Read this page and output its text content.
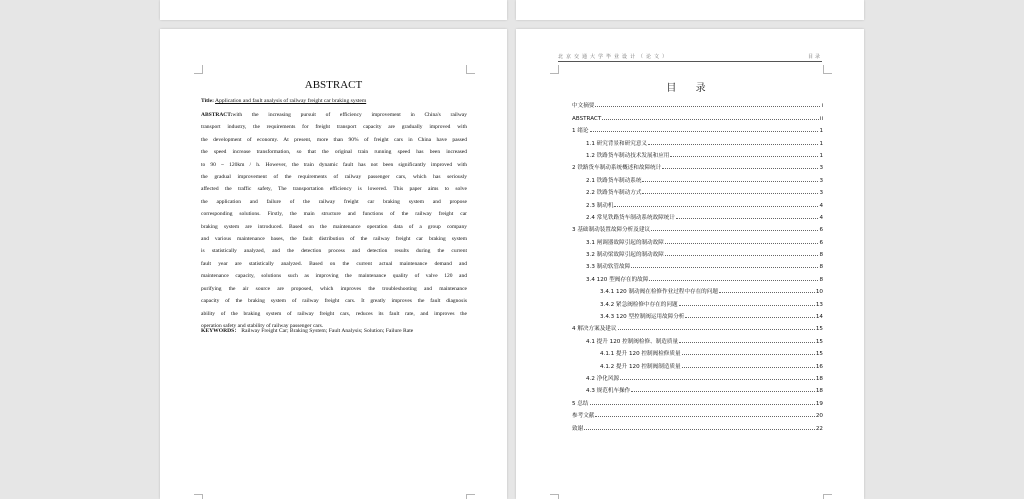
ABSTRACT
Title: Application and fault analysis of railway freight car braking system
ABSTRACT:with the increasing pursuit of efficiency improvement in China's railway
transport industry, the requirements for freight transport capacity are gradually improved with
the development of economy. At present, more than 90% of freight cars in China have passed
the speed increase transformation, so that the original train running speed has been increased
to 90 ~ 120km / h. However, the train dynamic fault has not been significantly improved with
the gradual improvement of the requirements of railway passenger cars, which has seriously
affected the traffic safety, The transportation efficiency is lowered. This paper aims to solve
the application and failure of the railway freight car braking system and propose
corresponding solutions. Firstly, the main structure and functions of the railway freight car
braking system are introduced. Based on the maintenance operation data of a group company
and various maintenance bases, the fault distribution of the railway freight car braking system
is statistically analyzed, and the detection process and detection results during the current
fault year are statistically analyzed. Based on the current actual maintenance demand and
maintenance capacity, solutions such as improving the maintenance quality of valve 120 and
purifying the air source are proposed, which improves the troubleshooting and maintenance
capacity of the braking system of railway freight cars. It greatly improves the fault diagnosis
ability of the braking system of railway freight cars, reduces its fault rate, and improves the
operation safety and stability of railway passenger cars.
KEYWORDS： Railway Freight Car; Braking System; Fault Analysis; Solution; Failure Rate
北京交通大学毕业设计（论文）	目录
目 录
中文摘要	i
ABSTRACT	ii
1 绪论	1
1.1 研究背景和研究意义	1
1.2 铁路货车制动技术发展和应用	1
2 铁路货车制动系统概述和故障统计	3
2.1 铁路货车制动系统	3
2.2 铁路货车制动方式	3
2.3 制动机	4
2.4 常见铁路货车制动系统故障统计	4
3 基础制动装置故障分析及建议	6
3.1 闸调器故障引起的制动故障	6
3.2 制动梁故障引起的制动故障	8
3.3 制动软管故障	8
3.4 120 型阀存在的故障	8
3.4.1 120 制动阀在检修作业过程中存在的问题	10
3.4.2 紧急阀检修中存在的问题	13
3.4.3 120 型控制阀运用故障分析	14
4 解决方案及建议	15
4.1 提升 120 控制阀检修、制造质量	15
4.1.1 提升 120 控制阀检修质量	15
4.1.2 提升 120 控制阀制造质量	16
4.2 净化风源	18
4.3 规范机车操作	18
5 总结	19
参考文献	20
致谢	22
